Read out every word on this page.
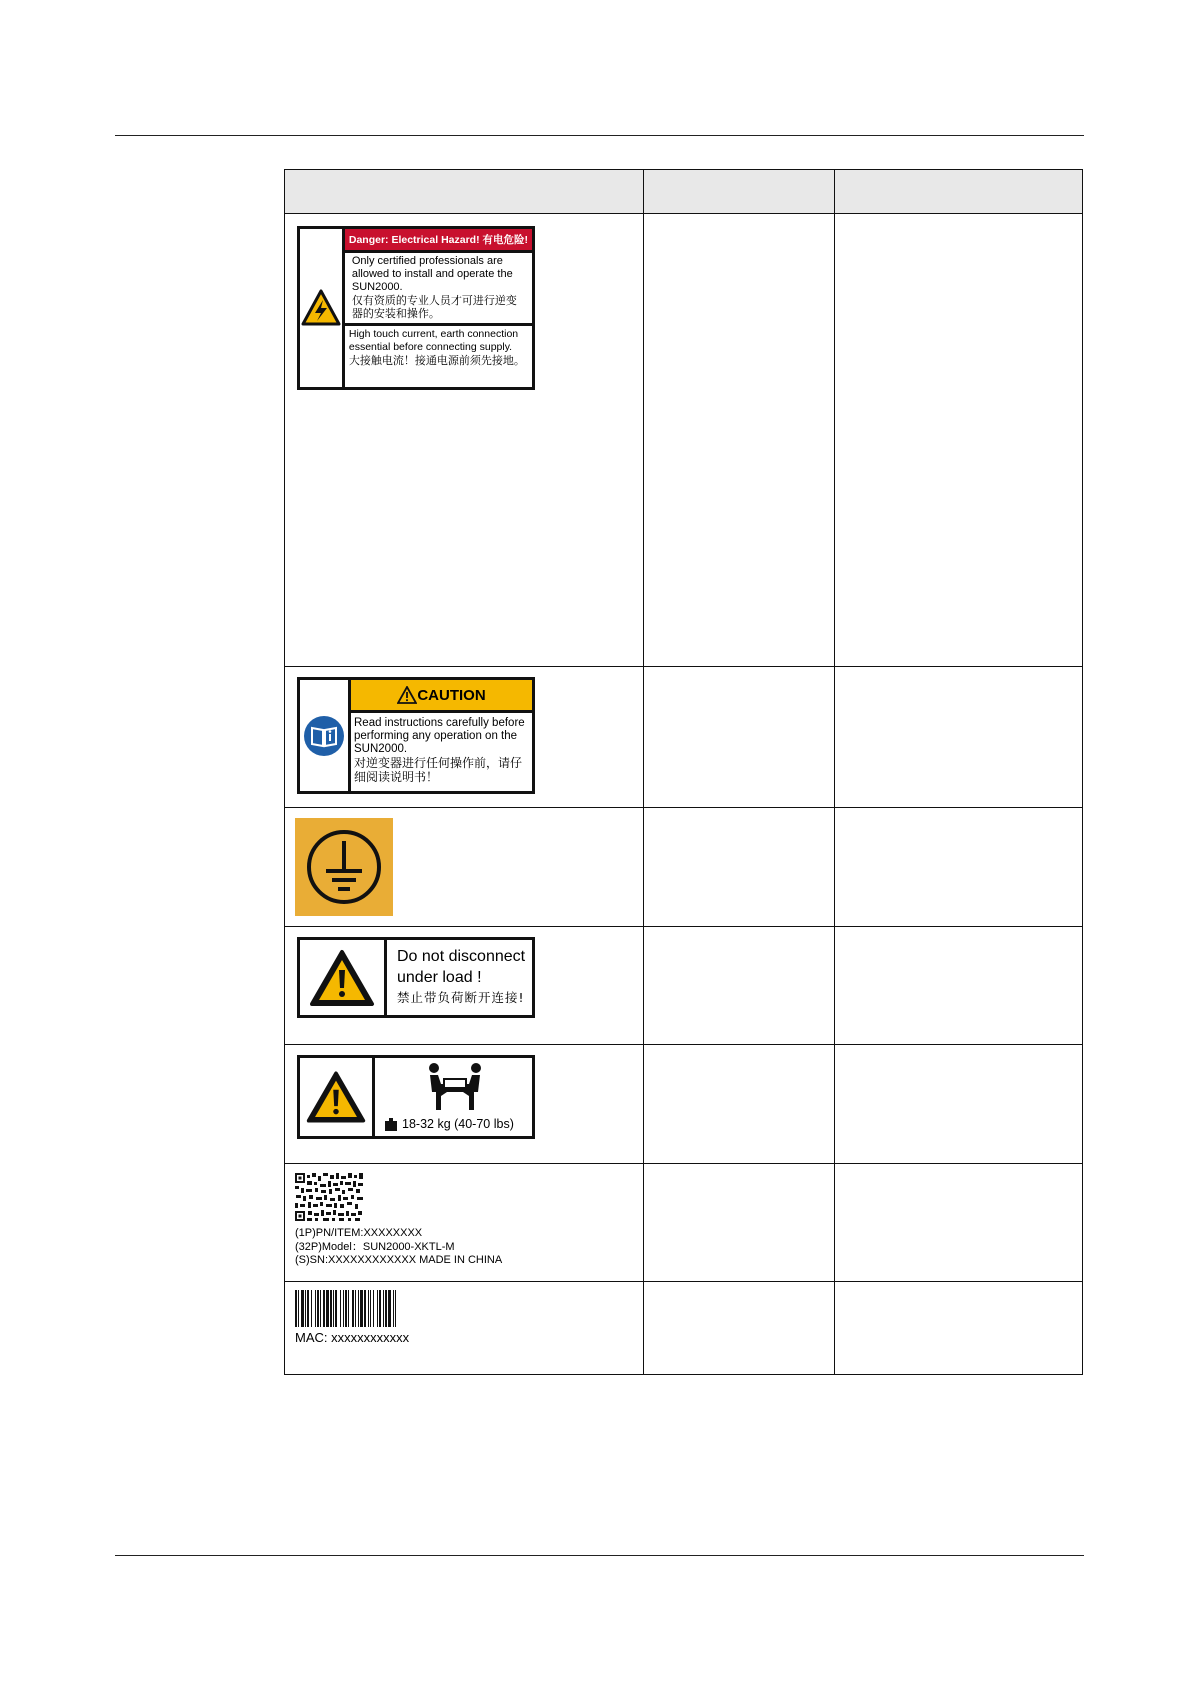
Danger: Electrical Hazard! 有电危险!
Only certified professionals are allowed to install and operate the SUN2000.
仅有资质的专业人员才可进行逆变器的安装和操作。
High touch current, earth connection essential before connecting supply.
大接触电流！接通电源前须先接地。		

CAUTION
Read instructions carefully before performing any operation on the SUN2000.
对逆变器进行任何操作前，请仔细阅读说明书！		

Do not disconnect
under load !
禁止带负荷断开连接!		

18-32 kg (40-70 lbs)		

(1P)PN/ITEM:XXXXXXXX
(32P)Model：SUN2000-XKTL-M
(S)SN:XXXXXXXXXXXX MADE IN CHINA		

MAC: xxxxxxxxxxxx		
